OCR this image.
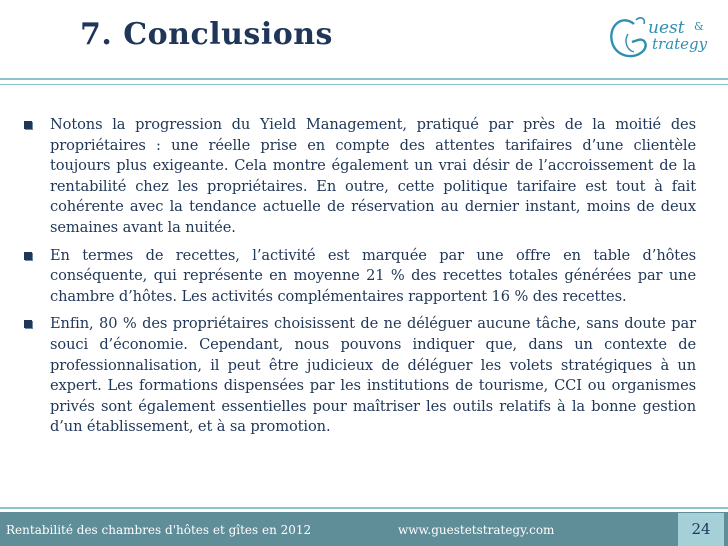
7. Conclusions	uest &
trategy
Notons la progression du Yield Management, pratiqué par près de la moitié des propriétaires : une réelle prise en compte des attentes tarifaires d’une clientèle toujours plus exigeante. Cela montre également un vrai désir de l’accroissement de la rentabilité chez les propriétaires. En outre, cette politique tarifaire est tout à fait cohérente avec la tendance actuelle de réservation au dernier instant, moins de deux semaines avant la nuitée.
En termes de recettes, l’activité est marquée par une offre en table d’hôtes conséquente, qui représente en moyenne 21 % des recettes totales générées par une chambre d’hôtes. Les activités complémentaires rapportent 16 % des recettes.
Enfin, 80 % des propriétaires choisissent de ne déléguer aucune tâche, sans doute par souci d’économie. Cependant, nous pouvons indiquer que, dans un contexte de professionnalisation, il peut être judicieux de déléguer les volets stratégiques à un expert. Les formations dispensées par les institutions de tourisme, CCI ou organismes privés sont également essentielles pour maîtriser les outils relatifs à la bonne gestion d’un établissement, et à sa promotion.
Rentabilité des chambres d'hôtes et gîtes en 2012	www.guestetstrategy.com	24
